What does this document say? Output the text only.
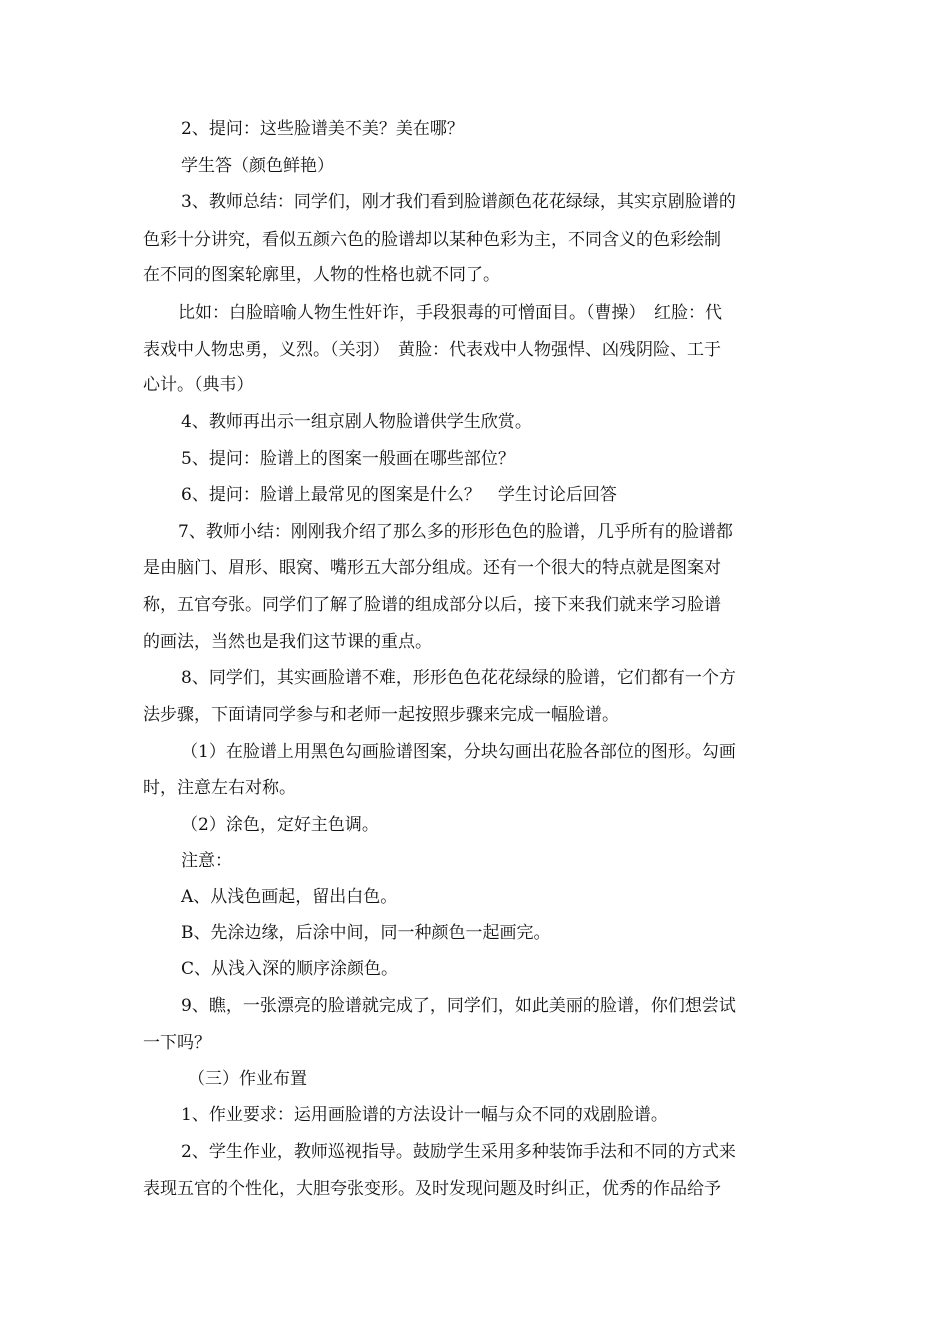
2、提问：这些脸谱美不美？美在哪？
学生答（颜色鲜艳）
3、教师总结：同学们，刚才我们看到脸谱颜色花花绿绿，其实京剧脸谱的
色彩十分讲究，看似五颜六色的脸谱却以某种色彩为主，不同含义的色彩绘制
在不同的图案轮廓里，人物的性格也就不同了。
比如：白脸暗喻人物生性奸诈，手段狠毒的可憎面目。（曹操）　红脸：代
表戏中人物忠勇，义烈。（关羽）　黄脸：代表戏中人物强悍、凶残阴险、工于
心计。（典韦）
4、教师再出示一组京剧人物脸谱供学生欣赏。
5、提问：脸谱上的图案一般画在哪些部位？
6、提问：脸谱上最常见的图案是什么？　学生讨论后回答
7、教师小结：刚刚我介绍了那么多的形形色色的脸谱，几乎所有的脸谱都
是由脑门、眉形、眼窝、嘴形五大部分组成。还有一个很大的特点就是图案对
称，五官夸张。同学们了解了脸谱的组成部分以后，接下来我们就来学习脸谱
的画法，当然也是我们这节课的重点。
8、同学们，其实画脸谱不难，形形色色花花绿绿的脸谱，它们都有一个方
法步骤，下面请同学参与和老师一起按照步骤来完成一幅脸谱。
（1）在脸谱上用黑色勾画脸谱图案，分块勾画出花脸各部位的图形。勾画
时，注意左右对称。
（2）涂色，定好主色调。
注意：
A、从浅色画起，留出白色。
B、先涂边缘，后涂中间，同一种颜色一起画完。
C、从浅入深的顺序涂颜色。
9、瞧，一张漂亮的脸谱就完成了，同学们，如此美丽的脸谱，你们想尝试
一下吗？
（三）作业布置
1、作业要求：运用画脸谱的方法设计一幅与众不同的戏剧脸谱。
2、学生作业，教师巡视指导。鼓励学生采用多种装饰手法和不同的方式来
表现五官的个性化，大胆夸张变形。及时发现问题及时纠正，优秀的作品给予
